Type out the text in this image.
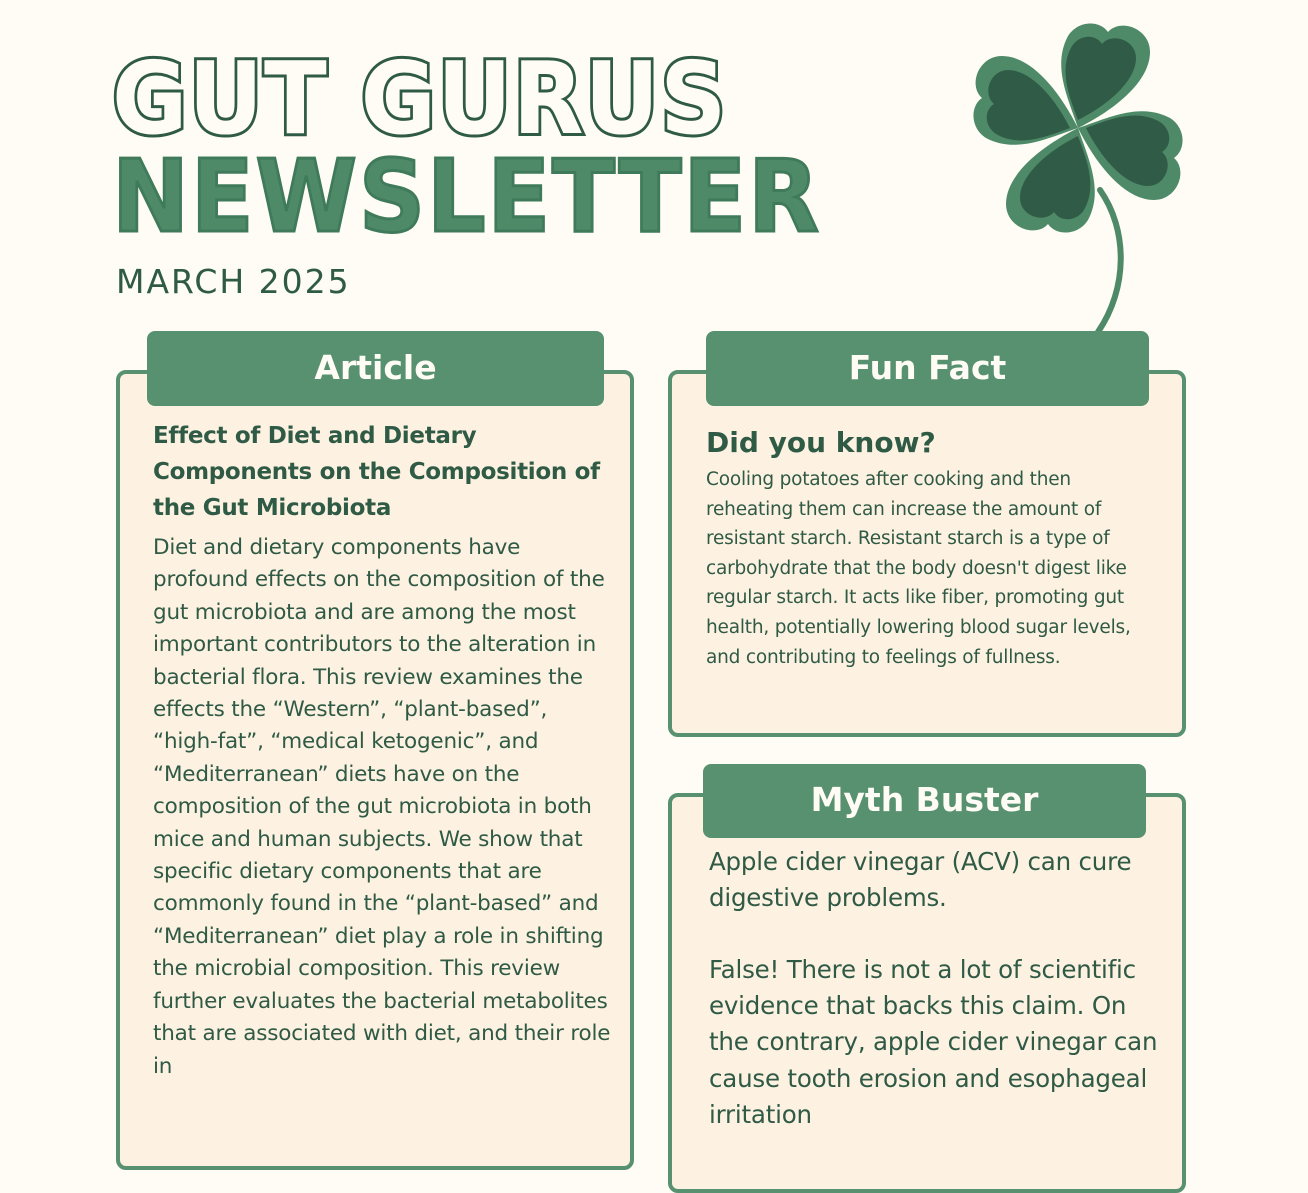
GUT GURUS
NEWSLETTER
MARCH 2025
Article
Effect of Diet and Dietary Components on the Composition of the Gut Microbiota
Diet and dietary components have profound effects on the composition of the gut microbiota and are among the most important contributors to the alteration in bacterial flora. This review examines the effects the “Western”, “plant-based”, “high-fat”, “medical ketogenic”, and “Mediterranean” diets have on the composition of the gut microbiota in both mice and human subjects. We show that specific dietary components that are commonly found in the “plant-based” and “Mediterranean” diet play a role in shifting the microbial composition. This review further evaluates the bacterial metabolites that are associated with diet, and their role in
Fun Fact
Did you know?
Cooling potatoes after cooking and then reheating them can increase the amount of resistant starch. Resistant starch is a type of carbohydrate that the body doesn't digest like regular starch. It acts like fiber, promoting gut health, potentially lowering blood sugar levels, and contributing to feelings of fullness.
Myth Buster
Apple cider vinegar (ACV) can cure digestive problems.
False! There is not a lot of scientific evidence that backs this claim. On the contrary, apple cider vinegar can cause tooth erosion and esophageal irritation
